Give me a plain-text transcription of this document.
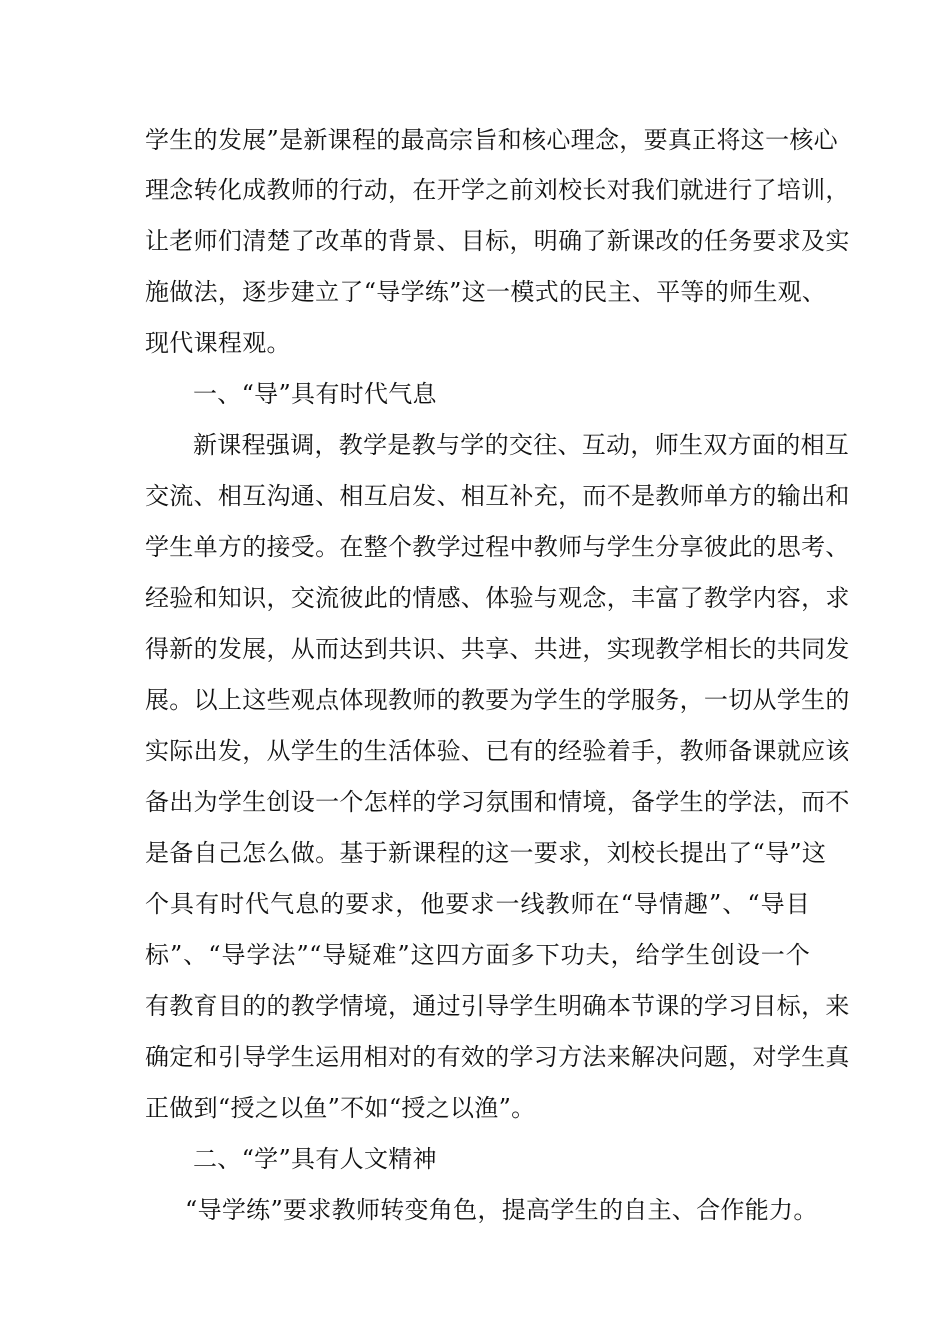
学生的发展”是新课程的最高宗旨和核心理念，要真正将这一核心
理念转化成教师的行动，在开学之前刘校长对我们就进行了培训，
让老师们清楚了改革的背景、目标，明确了新课改的任务要求及实
施做法，逐步建立了“导学练”这一模式的民主、平等的师生观、
现代课程观。
一、“导”具有时代气息
新课程强调，教学是教与学的交往、互动，师生双方面的相互
交流、相互沟通、相互启发、相互补充，而不是教师单方的输出和
学生单方的接受。在整个教学过程中教师与学生分享彼此的思考、
经验和知识，交流彼此的情感、体验与观念，丰富了教学内容，求
得新的发展，从而达到共识、共享、共进，实现教学相长的共同发
展。以上这些观点体现教师的教要为学生的学服务，一切从学生的
实际出发，从学生的生活体验、已有的经验着手，教师备课就应该
备出为学生创设一个怎样的学习氛围和情境，备学生的学法，而不
是备自己怎么做。基于新课程的这一要求，刘校长提出了“导”这
个具有时代气息的要求，他要求一线教师在“导情趣”、“导目
标”、“导学法”“导疑难”这四方面多下功夫，给学生创设一个
有教育目的的教学情境，通过引导学生明确本节课的学习目标，来
确定和引导学生运用相对的有效的学习方法来解决问题，对学生真
正做到“授之以鱼”不如“授之以渔”。
二、“学”具有人文精神
“导学练”要求教师转变角色，提高学生的自主、合作能力。
